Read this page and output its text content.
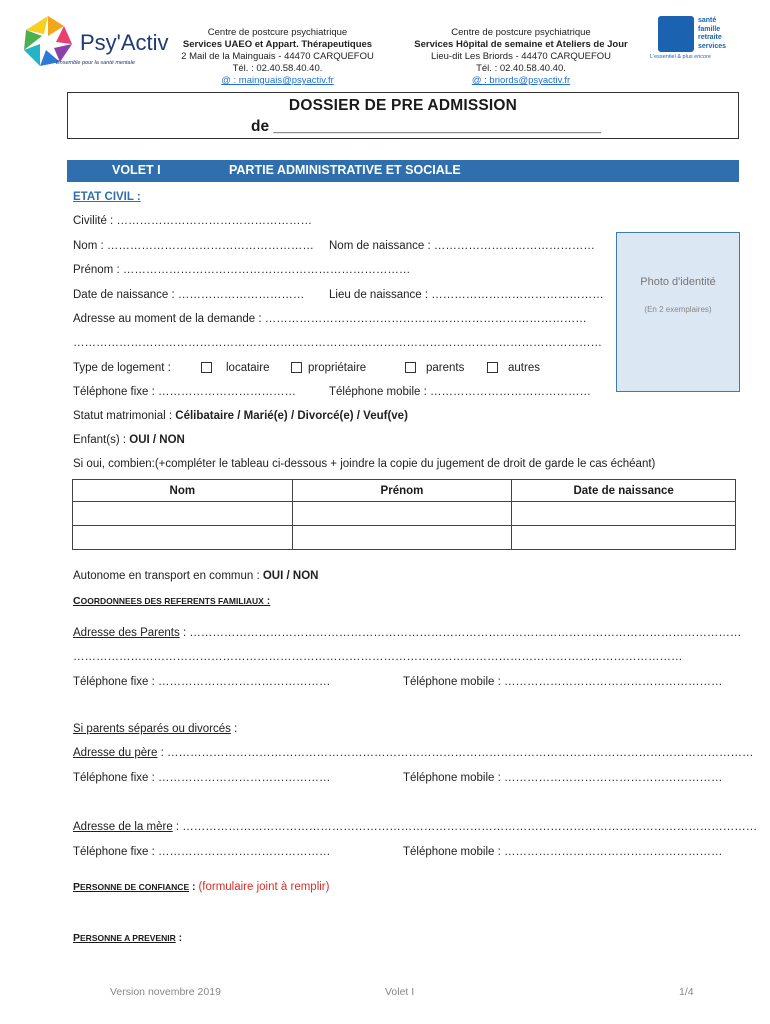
Psy'Activ
Ensemble pour la santé mentale
Centre de postcure psychiatrique
Services UAEO et Appart. Thérapeutiques
2 Mail de la Mainguais - 44470 CARQUEFOU
Tél. : 02.40.58.40.40.
@ : mainguais@psyactiv.fr
Centre de postcure psychiatrique
Services Hôpital de semaine et Ateliers de Jour
Lieu-dit Les Briords - 44470 CARQUEFOU
Tél. : 02.40.58.40.40.
@ : briords@psyactiv.fr
santé
famille
retraite
services
L'essentiel & plus encore
DOSSIER DE PRE ADMISSION
de ______________________________________
VOLET I	PARTIE ADMINISTRATIVE ET SOCIALE
ETAT CIVIL :
Civilité : ……………………………………………
Nom : ……………………………………………… Nom de naissance : ……………………………………
Prénom : …………………………………………………………………
Date de naissance : …………………………… Lieu de naissance : ………………………………………
Adresse au moment de la demande : …………………………………………………………………………
…………………………………………………………………………………………………………………………
Photo d'identité
(En 2 exemplaires)
Type de logement :	locataire	propriétaire	parents	autres
Téléphone fixe : ………………………………	Téléphone mobile : ……………………………………
Statut matrimonial : Célibataire / Marié(e) / Divorcé(e) / Veuf(ve)
Enfant(s) : OUI / NON
Si oui, combien:(+compléter le tableau ci-dessous + joindre la copie du jugement de droit de garde le cas échéant)
Nom	Prénom	Date de naissance

Autonome en transport en commun : OUI / NON
COORDONNEES DES REFERENTS FAMILIAUX :
Adresse des Parents : ………………………………………………………………………………………………………………………………
……………………………………………………………………………………………………………………………………………
Téléphone fixe : ………………………………………	Téléphone mobile : …………………………………………………
Si parents séparés ou divorcés :
Adresse du père : ………………………………………………………………………………………………………………………………………
Téléphone fixe : ………………………………………	Téléphone mobile : …………………………………………………
Adresse de la mère : ……………………………………………………………………………………………………………………………………
Téléphone fixe : ………………………………………	Téléphone mobile : …………………………………………………
PERSONNE DE CONFIANCE : (formulaire joint à remplir)
PERSONNE A PREVENIR :
Version novembre 2019	Volet I	1/4
